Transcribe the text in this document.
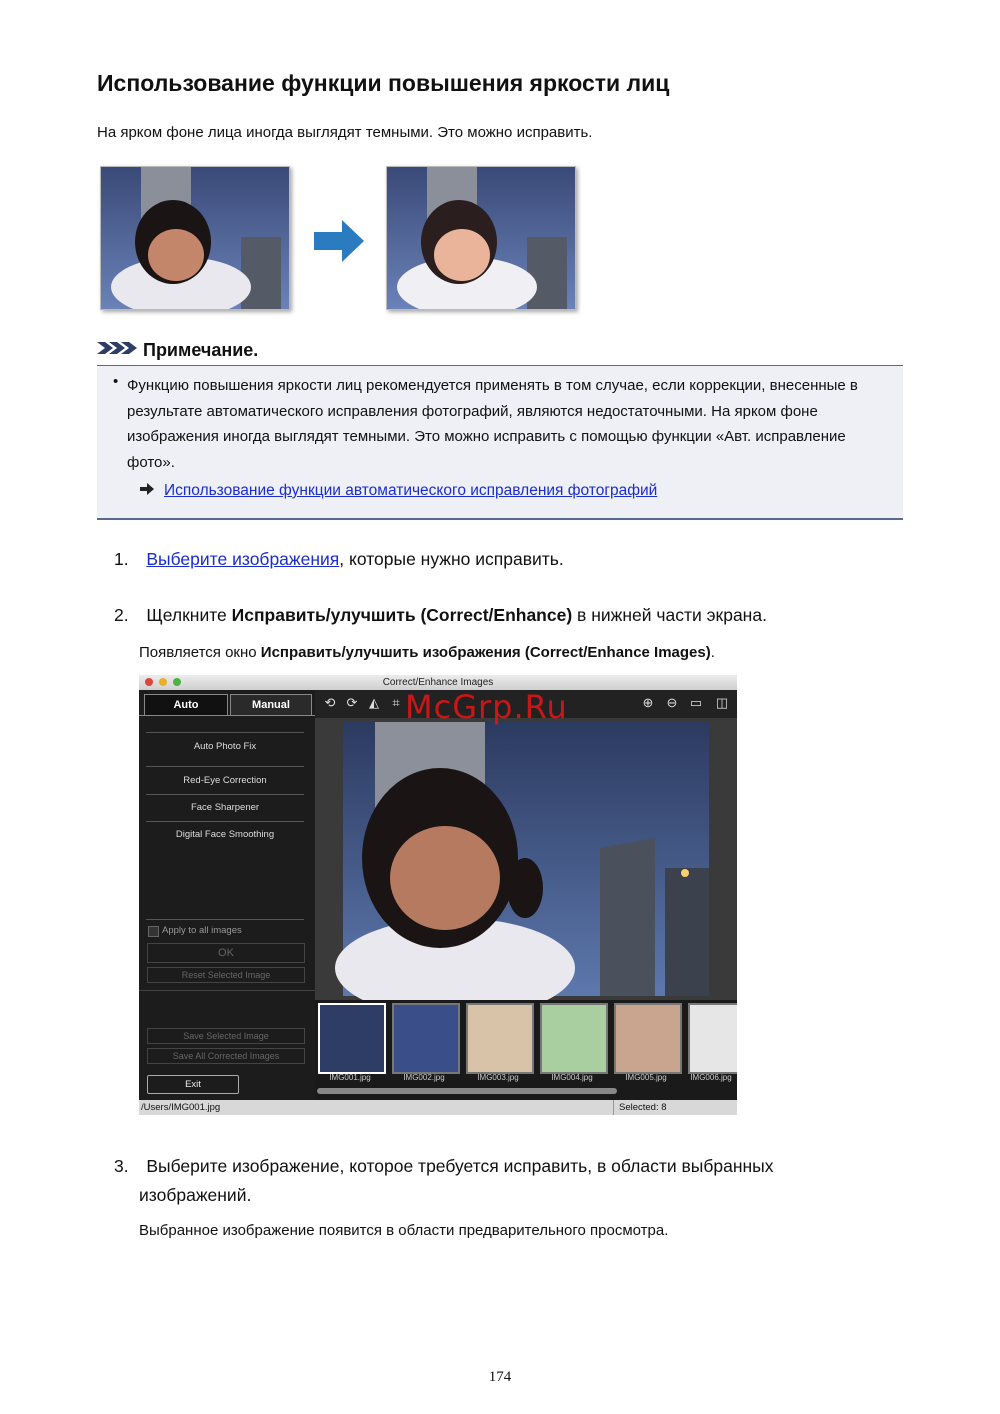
Использование функции повышения яркости лиц
На ярком фоне лица иногда выглядят темными. Это можно исправить.
Примечание.
• Функцию повышения яркости лиц рекомендуется применять в том случае, если коррекции, внесенные в результате автоматического исправления фотографий, являются недостаточными. На ярком фоне изображения иногда выглядят темными. Это можно исправить с помощью функции «Авт. исправление фото».
Использование функции автоматического исправления фотографий
1. Выберите изображения, которые нужно исправить.
2. Щелкните Исправить/улучшить (Correct/Enhance) в нижней части экрана.
Появляется окно Исправить/улучшить изображения (Correct/Enhance Images).
Correct/Enhance Images
Auto	Manual
Auto Photo Fix
Red-Eye Correction
Face Sharpener
Digital Face Smoothing
Apply to all images
OK
Reset Selected Image
Save Selected Image
Save All Corrected Images
Exit
⟲ ⟳ ◭ ⌗	⊕ ⊖ ▭ ◫
IMG001.jpg	IMG002.jpg	IMG003.jpg	IMG004.jpg	IMG005.jpg	IMG006.jpg
/Users/IMG001.jpg	Selected: 8
McGrp.Ru
3. Выберите изображение, которое требуется исправить, в области выбранных
изображений.
Выбранное изображение появится в области предварительного просмотра.
174
